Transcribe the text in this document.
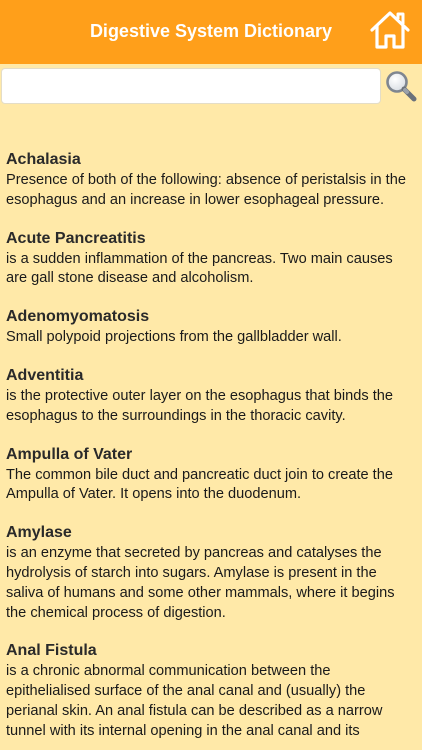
Digestive System Dictionary
Achalasia
Presence of both of the following: absence of peristalsis in the esophagus and an increase in lower esophageal pressure.
Acute Pancreatitis
is a sudden inflammation of the pancreas. Two main causes are gall stone disease and alcoholism.
Adenomyomatosis
Small polypoid projections from the gallbladder wall.
Adventitia
is the protective outer layer on the esophagus that binds the esophagus to the surroundings in the thoracic cavity.
Ampulla of Vater
The common bile duct and pancreatic duct join to create the Ampulla of Vater. It opens into the duodenum.
Amylase
is an enzyme that secreted by pancreas and catalyses the hydrolysis of starch into sugars. Amylase is present in the saliva of humans and some other mammals, where it begins the chemical process of digestion.
Anal Fistula
is a chronic abnormal communication between the epithelialised surface of the anal canal and (usually) the perianal skin. An anal fistula can be described as a narrow tunnel with its internal opening in the anal canal and its
